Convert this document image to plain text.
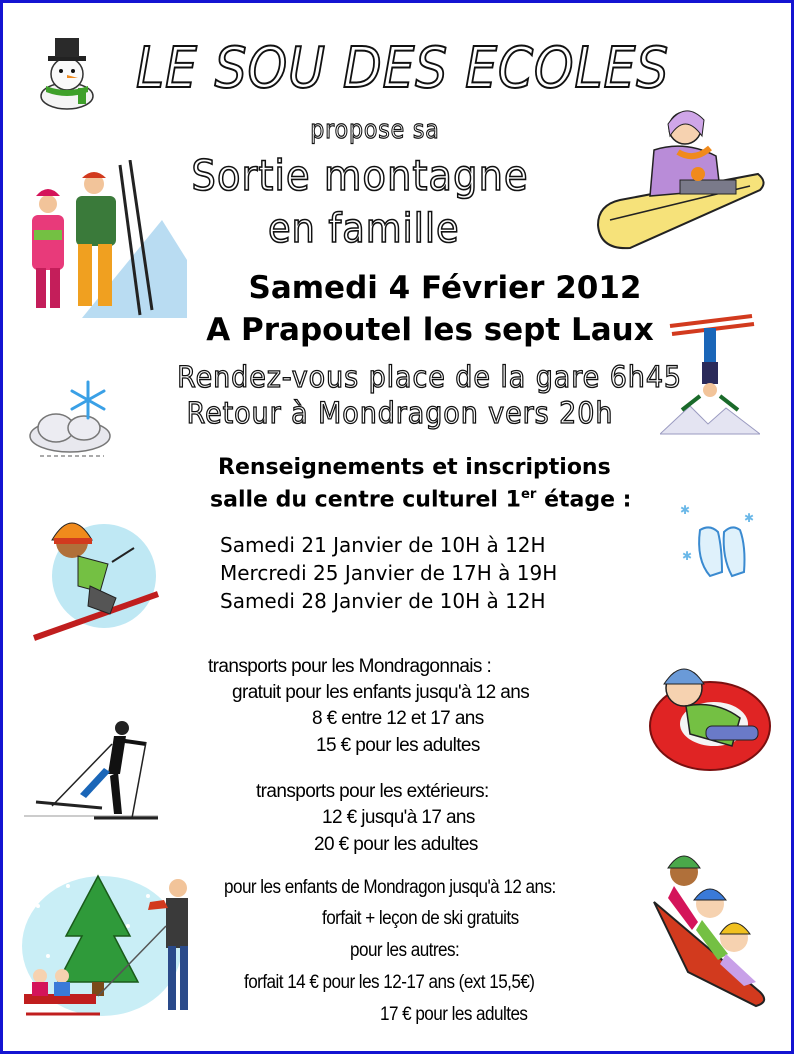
LE SOU DES ECOLES
propose sa
Sortie montagne
en famille
Samedi 4 Février 2012
A Prapoutel les sept Laux
Rendez-vous place de la gare 6h45
Retour à Mondragon vers 20h
Renseignements et inscriptions
salle du centre culturel 1er étage :
Samedi 21 Janvier de 10H à 12H
Mercredi 25 Janvier de 17H à 19H
Samedi 28 Janvier de 10H à 12H
transports pour les Mondragonnais :
gratuit pour les enfants jusqu'à 12 ans
8 € entre 12 et 17 ans
15 € pour les adultes
transports pour les extérieurs:
12 € jusqu'à 17 ans
20 € pour les adultes
pour les enfants de Mondragon jusqu'à 12 ans:
forfait + leçon de ski gratuits
pour les autres:
forfait 14 € pour les 12-17 ans (ext 15,5€)
17 € pour les adultes
✱
✱
✱
